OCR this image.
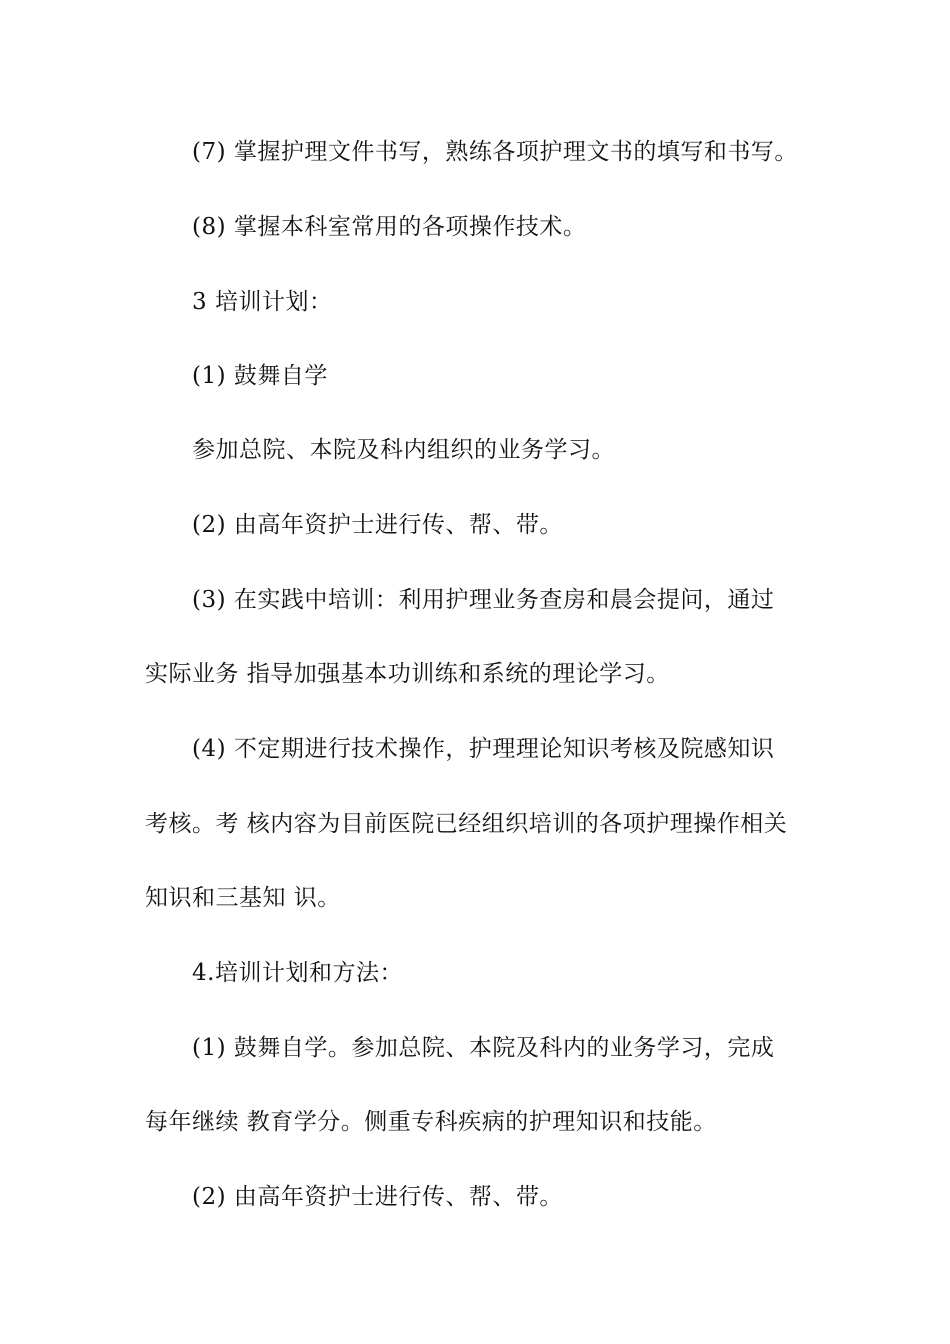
(7) 掌握护理文件书写，熟练各项护理文书的填写和书写。
(8) 掌握本科室常用的各项操作技术。
3 培训计划：
(1) 鼓舞自学
参加总院、本院及科内组织的业务学习。
(2) 由高年资护士进行传、帮、带。
(3) 在实践中培训：利用护理业务查房和晨会提问，通过
实际业务 指导加强基本功训练和系统的理论学习。
(4) 不定期进行技术操作，护理理论知识考核及院感知识
考核。考 核内容为目前医院已经组织培训的各项护理操作相关
知识和三基知 识。
4.培训计划和方法：
(1) 鼓舞自学。参加总院、本院及科内的业务学习，完成
每年继续 教育学分。侧重专科疾病的护理知识和技能。
(2) 由高年资护士进行传、帮、带。
